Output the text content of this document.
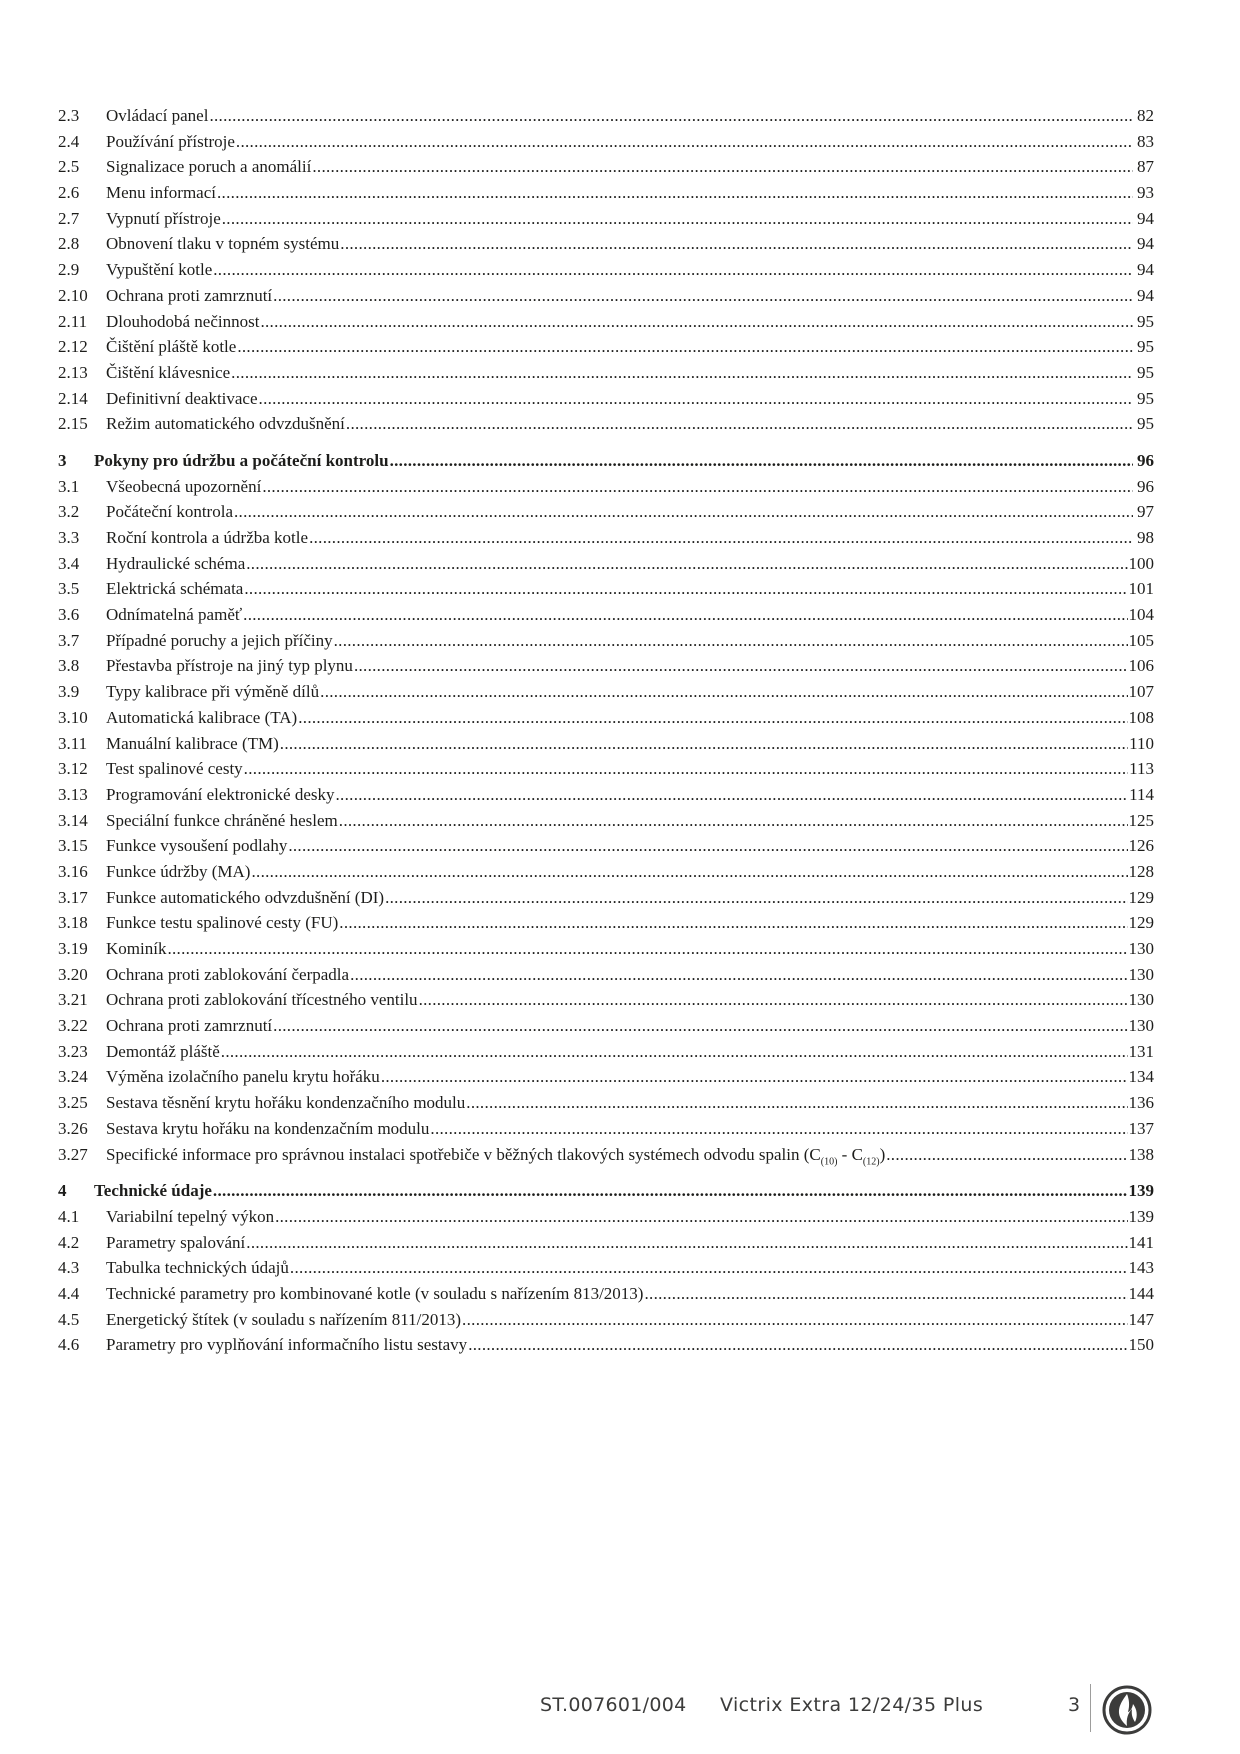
2.3	Ovládací panel .....	82
2.4	Používání přístroje .....	83
2.5	Signalizace poruch a anomálií .....	87
2.6	Menu informací .....	93
2.7	Vypnutí přístroje .....	94
2.8	Obnovení tlaku v topném systému .....	94
2.9	Vypuštění kotle .....	94
2.10	Ochrana proti zamrznutí .....	94
2.11	Dlouhodobá nečinnost .....	95
2.12	Čištění pláště kotle .....	95
2.13	Čištění klávesnice .....	95
2.14	Definitivní deaktivace .....	95
2.15	Režim automatického odvzdušnění .....	95
3	Pokyny pro údržbu a počáteční kontrolu .....	96
3.1	Všeobecná upozornění .....	96
3.2	Počáteční kontrola .....	97
3.3	Roční kontrola a údržba kotle .....	98
3.4	Hydraulické schéma .....	100
3.5	Elektrická schémata .....	101
3.6	Odnímatelná paměť .....	104
3.7	Případné poruchy a jejich příčiny .....	105
3.8	Přestavba přístroje na jiný typ plynu .....	106
3.9	Typy kalibrace při výměně dílů .....	107
3.10	Automatická kalibrace (TA) .....	108
3.11	Manuální kalibrace (TM) .....	110
3.12	Test spalinové cesty .....	113
3.13	Programování elektronické desky .....	114
3.14	Speciální funkce chráněné heslem .....	125
3.15	Funkce vysoušení podlahy .....	126
3.16	Funkce údržby (MA) .....	128
3.17	Funkce automatického odvzdušnění (DI) .....	129
3.18	Funkce testu spalinové cesty (FU) .....	129
3.19	Kominík .....	130
3.20	Ochrana proti zablokování čerpadla .....	130
3.21	Ochrana proti zablokování třícestného ventilu .....	130
3.22	Ochrana proti zamrznutí .....	130
3.23	Demontáž pláště .....	131
3.24	Výměna izolačního panelu krytu hořáku .....	134
3.25	Sestava těsnění krytu hořáku kondenzačního modulu .....	136
3.26	Sestava krytu hořáku na kondenzačním modulu .....	137
3.27	Specifické informace pro správnou instalaci spotřebiče v běžných tlakových systémech odvodu spalin $(C_{(10)} - C_{(12)})$ .....	138
4	Technické údaje .....	139
4.1	Variabilní tepelný výkon .....	139
4.2	Parametry spalování .....	141
4.3	Tabulka technických údajů .....	143
4.4	Technické parametry pro kombinované kotle (v souladu s nařízením 813/2013) .....	144
4.5	Energetický štítek (v souladu s nařízením 811/2013) .....	147
4.6	Parametry pro vyplňování informačního listu sestavy .....	150
ST.007601/004 Victrix Extra 12/24/35 Plus	3
